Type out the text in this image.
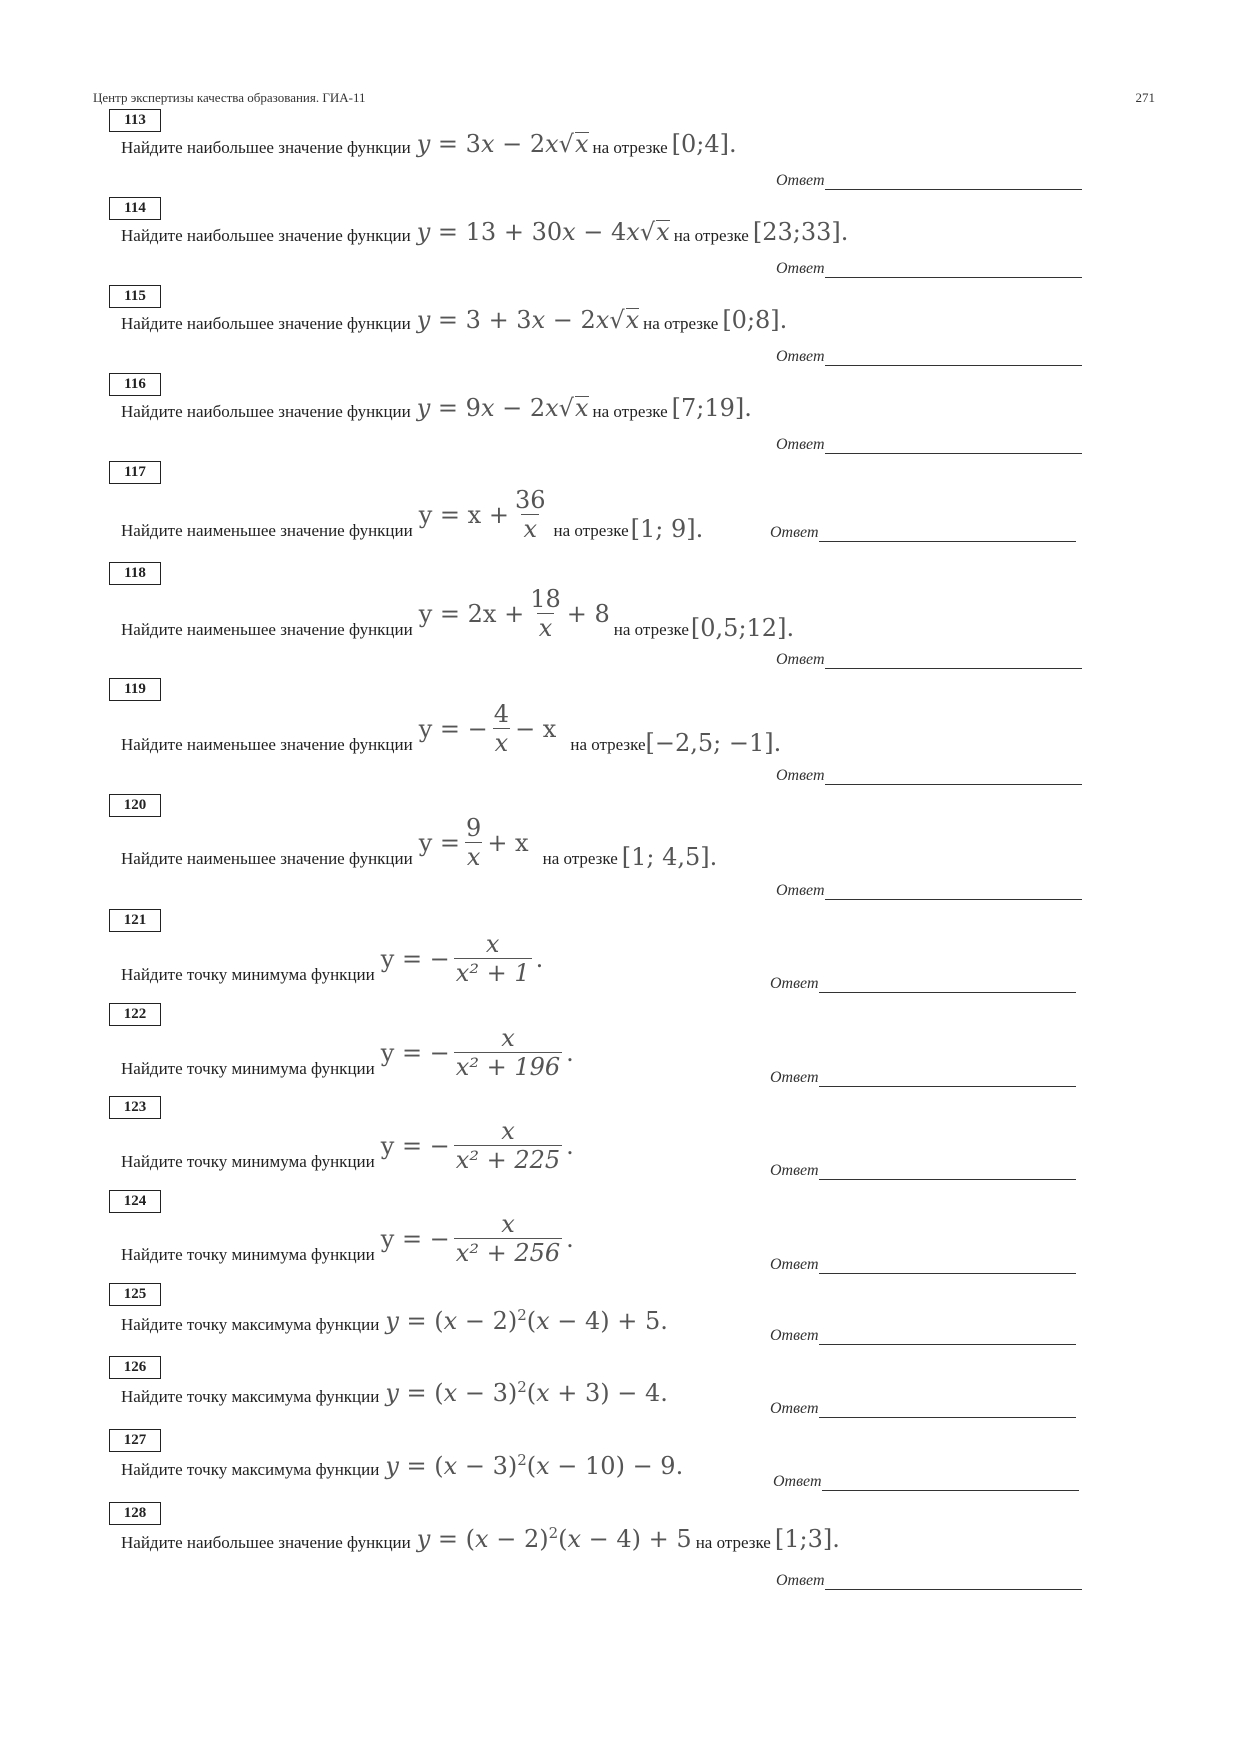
Центр экспертизы качества образования. ГИА-11	271
113
Найдите наибольшее значение функции y = 3x − 2x√x на отрезке [0;4] .
Ответ
114
Найдите наибольшее значение функции y = 13 + 30x − 4x√x на отрезке [23;33] .
Ответ
115
Найдите наибольшее значение функции y = 3 + 3x − 2x√x на отрезке [0;8] .
Ответ
116
Найдите наибольшее значение функции y = 9x − 2x√x на отрезке [7;19] .
Ответ
117
Найдите наименьшее значение функции
$y = x + \frac{36}{x}$ на отрезке [1; 9] .	Ответ
118
Найдите наименьшее значение функции
$y = 2x + \frac{18}{x} + 8$
на отрезке [0,5;12] .
Ответ
119
Найдите наименьшее значение функции
y = − $\frac{4}{x} - x$
на отрезке [−2,5; −1] .
Ответ
120
Найдите наименьшее значение функции
$y = \frac{9}{x} + x$
на отрезке [1; 4,5] .
Ответ
121
Найдите точку минимума функции
y = − $\frac{x}{\text{x² + 1}}$ .
Ответ
122
Найдите точку минимума функции
y = − $\frac{x}{\text{x² + 196}}$ .
Ответ
123
Найдите точку минимума функции
y = − $\frac{x}{\text{x² + 225}}$ .
Ответ
124
Найдите точку минимума функции
y = − $\frac{x}{\text{x² + 256}}$ .
Ответ
125
Найдите точку максимума функции $y = (x - 2)^2(x - 4) + 5$.
Ответ
126
Найдите точку максимума функции $y = (x - 3)^2(x + 3) - 4$.
Ответ
127
Найдите точку максимума функции $y = (x - 3)^2(x - 10) - 9$.
Ответ
128
Найдите наибольшее значение функции $y = (x - 2)^2(x - 4) + 5$ на отрезке [1;3] .
Ответ
